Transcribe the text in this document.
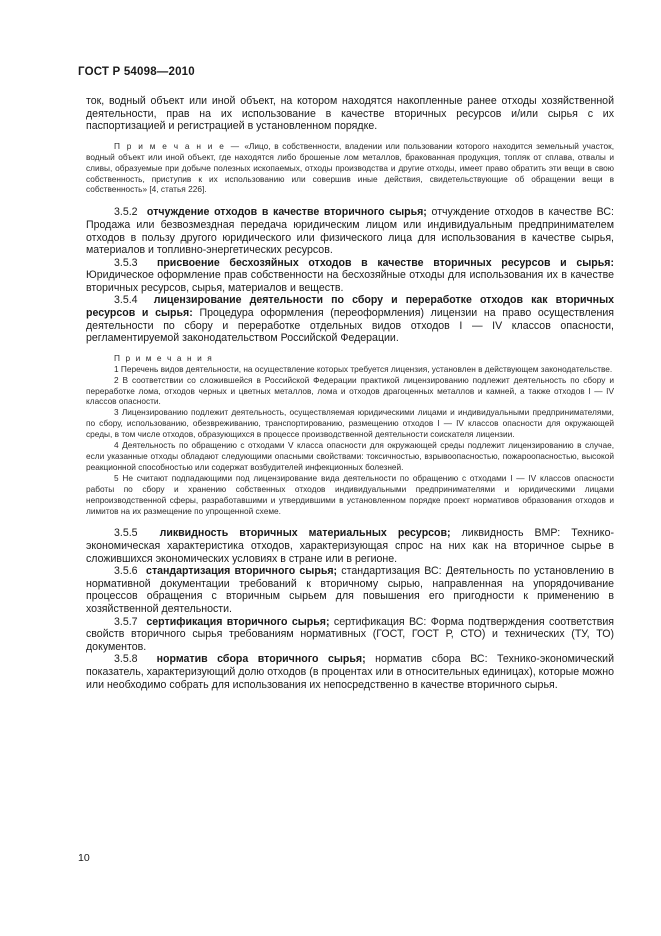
ГОСТ Р 54098—2010

ток, водный объект или иной объект, на котором находятся накопленные ранее отходы хозяйственной деятельности, прав на их использование в качестве вторичных ресурсов и/или сырья с их паспортизацией и регистрацией в установленном порядке.

П р и м е ч а н и е — «Лицо, в собственности, владении или пользовании которого находится земельный участок, водный объект или иной объект, где находятся либо брошеные лом металлов, бракованная продукция, топляк от сплава, отвалы и сливы, образуемые при добыче полезных ископаемых, отходы производства и другие отходы, имеет право обратить эти вещи в свою собственность, приступив к их использованию или совершив иные действия, свидетельствующие об обращении вещи в собственность» [4, статья 226].

3.5.2 отчуждение отходов в качестве вторичного сырья; отчуждение отходов в качестве ВС: Продажа или безвозмездная передача юридическим лицом или индивидуальным предпринимателем отходов в пользу другого юридического или физического лица для использования в качестве сырья, материалов и топливно-энергетических ресурсов.

3.5.3 присвоение бесхозяйных отходов в качестве вторичных ресурсов и сырья: Юридическое оформление прав собственности на бесхозяйные отходы для использования их в качестве вторичных ресурсов, сырья, материалов и веществ.

3.5.4 лицензирование деятельности по сбору и переработке отходов как вторичных ресурсов и сырья: Процедура оформления (переоформления) лицензии на право осуществления деятельности по сбору и переработке отдельных видов отходов I — IV классов опасности, регламентируемой законодательством Российской Федерации.

П р и м е ч а н и я

1 Перечень видов деятельности, на осуществление которых требуется лицензия, установлен в действующем законодательстве.

2 В соответствии со сложившейся в Российской Федерации практикой лицензированию подлежит деятельность по сбору и переработке лома, отходов черных и цветных металлов, лома и отходов драгоценных металлов и камней, а также отходов I — IV классов опасности.

3 Лицензированию подлежит деятельность, осуществляемая юридическими лицами и индивидуальными предпринимателями, по сбору, использованию, обезвреживанию, транспортированию, размещению отходов I — IV классов опасности для окружающей среды, в том числе отходов, образующихся в процессе производственной деятельности соискателя лицензии.

4 Деятельность по обращению с отходами V класса опасности для окружающей среды подлежит лицензированию в случае, если указанные отходы обладают следующими опасными свойствами: токсичностью, взрывоопасностью, пожароопасностью, высокой реакционной способностью или содержат возбудителей инфекционных болезней.

5 Не считают подпадающими под лицензирование вида деятельности по обращению с отходами I — IV классов опасности работы по сбору и хранению собственных отходов индивидуальными предпринимателями и юридическими лицами непроизводственной сферы, разработавшими и утвердившими в установленном порядке проект нормативов образования отходов и лимитов на их размещение по упрощенной схеме.

3.5.5 ликвидность вторичных материальных ресурсов; ликвидность ВМР: Технико-экономическая характеристика отходов, характеризующая спрос на них как на вторичное сырье в сложившихся экономических условиях в стране или в регионе.

3.5.6 стандартизация вторичного сырья; стандартизация ВС: Деятельность по установлению в нормативной документации требований к вторичному сырью, направленная на упорядочивание процессов обращения с вторичным сырьем для повышения его пригодности к применению в хозяйственной деятельности.

3.5.7 сертификация вторичного сырья; сертификация ВС: Форма подтверждения соответствия свойств вторичного сырья требованиям нормативных (ГОСТ, ГОСТ Р, СТО) и технических (ТУ, ТО) документов.

3.5.8 норматив сбора вторичного сырья; норматив сбора ВС: Технико-экономический показатель, характеризующий долю отходов (в процентах или в относительных единицах), которые можно или необходимо собрать для использования их непосредственно в качестве вторичного сырья.

10
